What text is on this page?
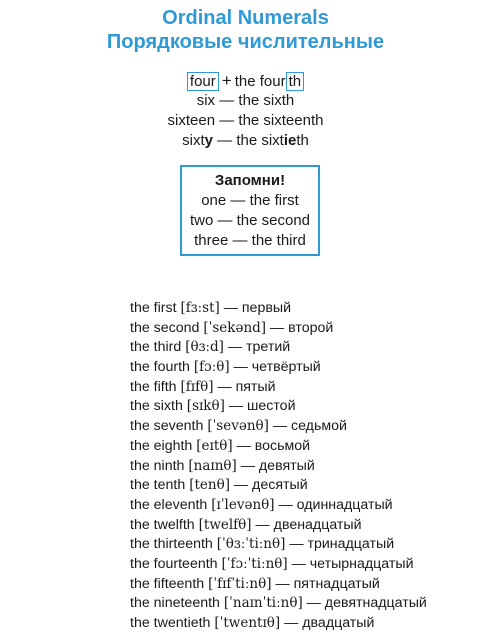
Ordinal Numerals
Порядковые числительные
four + the four th
six — the sixth
sixteen — the sixteenth
sixty — the sixtieth
Запомни!
one — the first
two — the second
three — the third
the first [fɜːst] — первый
the second [ˈsekənd] — второй
the third [θɜːd] — третий
the fourth [fɔːθ] — четвёртый
the fifth [fɪfθ] — пятый
the sixth [sɪkθ] — шестой
the seventh [ˈsevənθ] — седьмой
the eighth [eɪtθ] — восьмой
the ninth [naɪnθ] — девятый
the tenth [tenθ] — десятый
the eleventh [ɪˈlevənθ] — одиннадцатый
the twelfth [twelfθ] — двенадцатый
the thirteenth [ˈθɜːˈtiːnθ] — тринадцатый
the fourteenth [ˈfɔːˈtiːnθ] — четырнадцатый
the fifteenth [ˈfɪfˈtiːnθ] — пятнадцатый
the nineteenth [ˈnaɪnˈtiːnθ] — девятнадцатый
the twentieth [ˈtwentɪθ] — двадцатый
